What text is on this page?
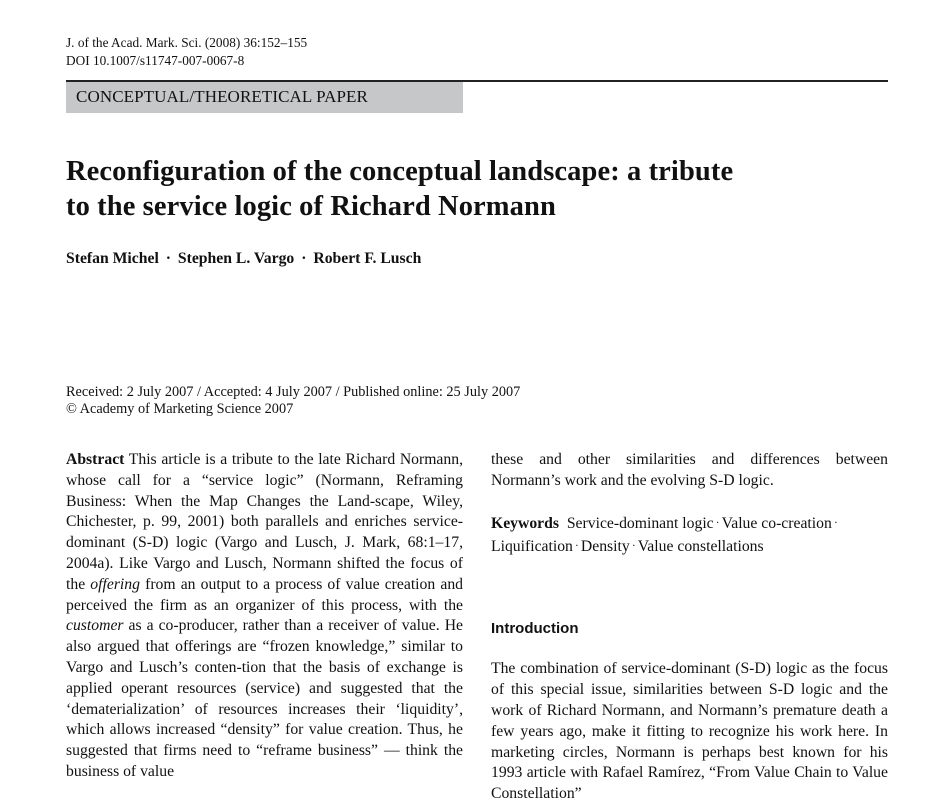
J. of the Acad. Mark. Sci. (2008) 36:152–155
DOI 10.1007/s11747-007-0067-8
CONCEPTUAL/THEORETICAL PAPER
Reconfiguration of the conceptual landscape: a tribute
to the service logic of Richard Normann
Stefan Michel · Stephen L. Vargo · Robert F. Lusch
Received: 2 July 2007 / Accepted: 4 July 2007 / Published online: 25 July 2007
© Academy of Marketing Science 2007

Abstract This article is a tribute to the late Richard Normann, whose call for a “service logic” (Normann, Reframing Business: When the Map Changes the Land-scape, Wiley, Chichester, p. 99, 2001) both parallels and enriches service-dominant (S-D) logic (Vargo and Lusch, J. Mark, 68:1–17, 2004a). Like Vargo and Lusch, Normann shifted the focus of the offering from an output to a process of value creation and perceived the firm as an organizer of this process, with the customer as a co-producer, rather than a receiver of value. He also argued that offerings are “frozen knowledge,” similar to Vargo and Lusch’s conten-tion that the basis of exchange is applied operant resources (service) and suggested that the ‘dematerialization’ of resources increases their ‘liquidity’, which allows increased “density” for value creation. Thus, he suggested that firms need to “reframe business” — think the business of value

these and other similarities and differences between Normann’s work and the evolving S-D logic.

Keywords Service-dominant logic · Value co-creation · Liquification · Density · Value constellations

Introduction

The combination of service-dominant (S-D) logic as the focus of this special issue, similarities between S-D logic and the work of Richard Normann, and Normann’s premature death a few years ago, make it fitting to recognize his work here. In marketing circles, Normann is perhaps best known for his 1993 article with Rafael Ramírez, “From Value Chain to Value Constellation”
